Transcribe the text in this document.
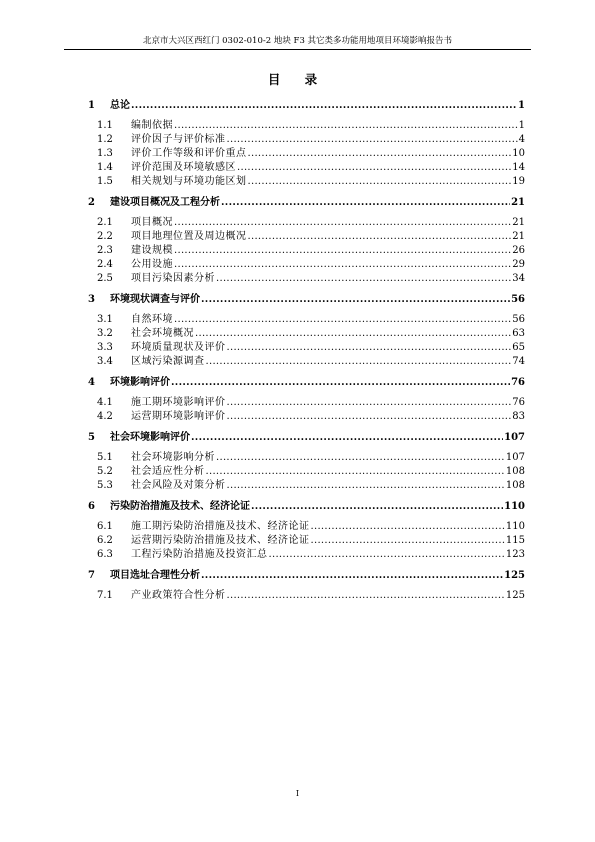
北京市大兴区西红门 0302-010-2 地块 F3 其它类多功能用地项目环境影响报告书
目 录
1	总论 .....	1
1.1	编制依据 .....	1
1.2	评价因子与评价标准 .....	4
1.3	评价工作等级和评价重点 .....	10
1.4	评价范围及环境敏感区 .....	14
1.5	相关规划与环境功能区划 .....	19
2	建设项目概况及工程分析 .....	21
2.1	项目概况 .....	21
2.2	项目地理位置及周边概况 .....	21
2.3	建设规模 .....	26
2.4	公用设施 .....	29
2.5	项目污染因素分析 .....	34
3	环境现状调查与评价 .....	56
3.1	自然环境 .....	56
3.2	社会环境概况 .....	63
3.3	环境质量现状及评价 .....	65
3.4	区域污染源调查 .....	74
4	环境影响评价 .....	76
4.1	施工期环境影响评价 .....	76
4.2	运营期环境影响评价 .....	83
5	社会环境影响评价 .....	107
5.1	社会环境影响分析 .....	107
5.2	社会适应性分析 .....	108
5.3	社会风险及对策分析 .....	108
6	污染防治措施及技术、经济论证 .....	110
6.1	施工期污染防治措施及技术、经济论证 .....	110
6.2	运营期污染防治措施及技术、经济论证 .....	115
6.3	工程污染防治措施及投资汇总 .....	123
7	项目选址合理性分析 .....	125
7.1	产业政策符合性分析 .....	125
I
